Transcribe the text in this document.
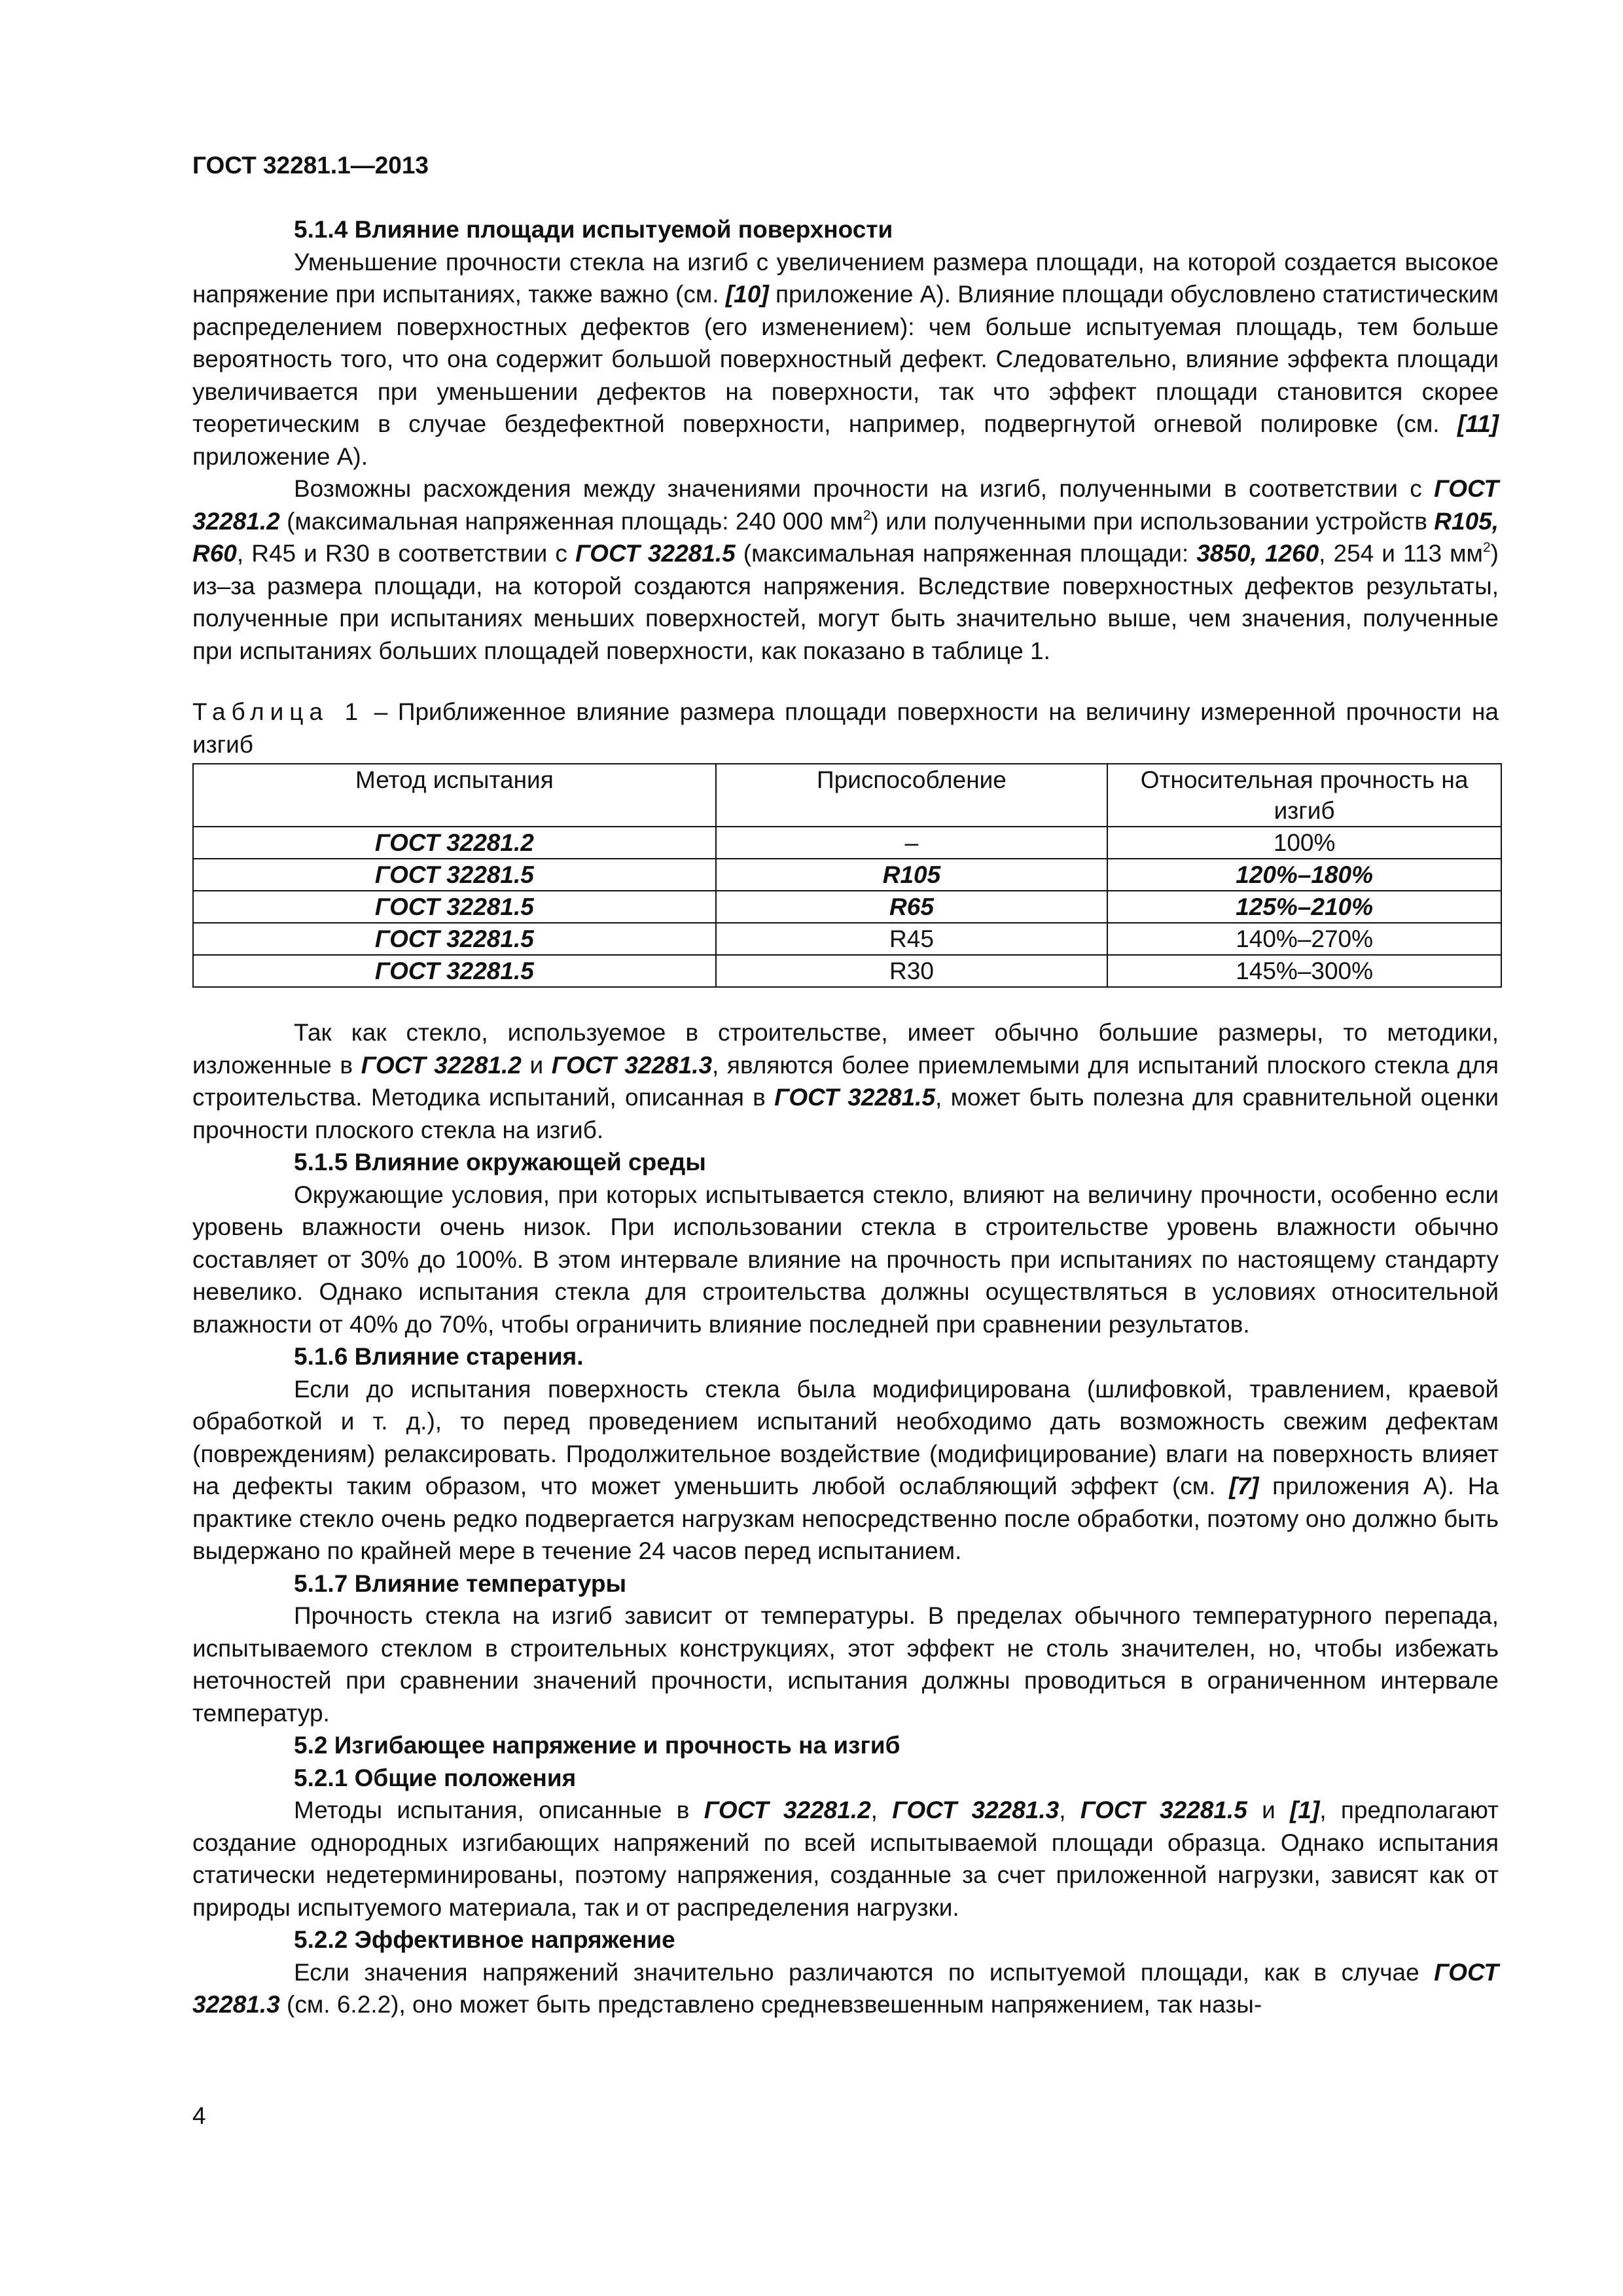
ГОСТ 32281.1—2013

5.1.4 Влияние площади испытуемой поверхности

Уменьшение прочности стекла на изгиб с увеличением размера площади, на которой создается высокое напряжение при испытаниях, также важно (см. [10] приложение А). Влияние площади обусловлено статистическим распределением поверхностных дефектов (его изменением): чем больше испытуемая площадь, тем больше вероятность того, что она содержит большой поверхностный дефект. Следовательно, влияние эффекта площади увеличивается при уменьшении дефектов на поверхности, так что эффект площади становится скорее теоретическим в случае бездефектной поверхности, например, подвергнутой огневой полировке (см. [11] приложение А).

Возможны расхождения между значениями прочности на изгиб, полученными в соответствии с ГОСТ 32281.2 (максимальная напряженная площадь: 240 000 $мм^2$) или полученными при использовании устройств R105, R60, R45 и R30 в соответствии с ГОСТ 32281.5 (максимальная напряженная площади: 3850, 1260, 254 и 113 $мм^2$) из–за размера площади, на которой создаются напряжения. Вследствие поверхностных дефектов результаты, полученные при испытаниях меньших поверхностей, могут быть значительно выше, чем значения, полученные при испытаниях больших площадей поверхности, как показано в таблице 1.

Таблица 1 – Приближенное влияние размера площади поверхности на величину измеренной прочности на изгиб

Метод испытания	Приспособление	Относительная прочность на изгиб
ГОСТ 32281.2	–	100%
ГОСТ 32281.5	R105	120%–180%
ГОСТ 32281.5	R65	125%–210%
ГОСТ 32281.5	R45	140%–270%
ГОСТ 32281.5	R30	145%–300%

Так как стекло, используемое в строительстве, имеет обычно большие размеры, то методики, изложенные в ГОСТ 32281.2 и ГОСТ 32281.3, являются более приемлемыми для испытаний плоского стекла для строительства. Методика испытаний, описанная в ГОСТ 32281.5, может быть полезна для сравнительной оценки прочности плоского стекла на изгиб.

5.1.5 Влияние окружающей среды

Окружающие условия, при которых испытывается стекло, влияют на величину прочности, особенно если уровень влажности очень низок. При использовании стекла в строительстве уровень влажности обычно составляет от 30% до 100%. В этом интервале влияние на прочность при испытаниях по настоящему стандарту невелико. Однако испытания стекла для строительства должны осуществляться в условиях относительной влажности от 40% до 70%, чтобы ограничить влияние последней при сравнении результатов.

5.1.6 Влияние старения.

Если до испытания поверхность стекла была модифицирована (шлифовкой, травлением, краевой обработкой и т. д.), то перед проведением испытаний необходимо дать возможность свежим дефектам (повреждениям) релаксировать. Продолжительное воздействие (модифицирование) влаги на поверхность влияет на дефекты таким образом, что может уменьшить любой ослабляющий эффект (см. [7] приложения А). На практике стекло очень редко подвергается нагрузкам непосредственно после обработки, поэтому оно должно быть выдержано по крайней мере в течение 24 часов перед испытанием.

5.1.7 Влияние температуры

Прочность стекла на изгиб зависит от температуры. В пределах обычного температурного перепада, испытываемого стеклом в строительных конструкциях, этот эффект не столь значителен, но, чтобы избежать неточностей при сравнении значений прочности, испытания должны проводиться в ограниченном интервале температур.

5.2 Изгибающее напряжение и прочность на изгиб

5.2.1 Общие положения

Методы испытания, описанные в ГОСТ 32281.2, ГОСТ 32281.3, ГОСТ 32281.5 и [1], предполагают создание однородных изгибающих напряжений по всей испытываемой площади образца. Однако испытания статически недетерминированы, поэтому напряжения, созданные за счет приложенной нагрузки, зависят как от природы испытуемого материала, так и от распределения нагрузки.

5.2.2 Эффективное напряжение

Если значения напряжений значительно различаются по испытуемой площади, как в случае ГОСТ 32281.3 (см. 6.2.2), оно может быть представлено средневзвешенным напряжением, так назы-

4
